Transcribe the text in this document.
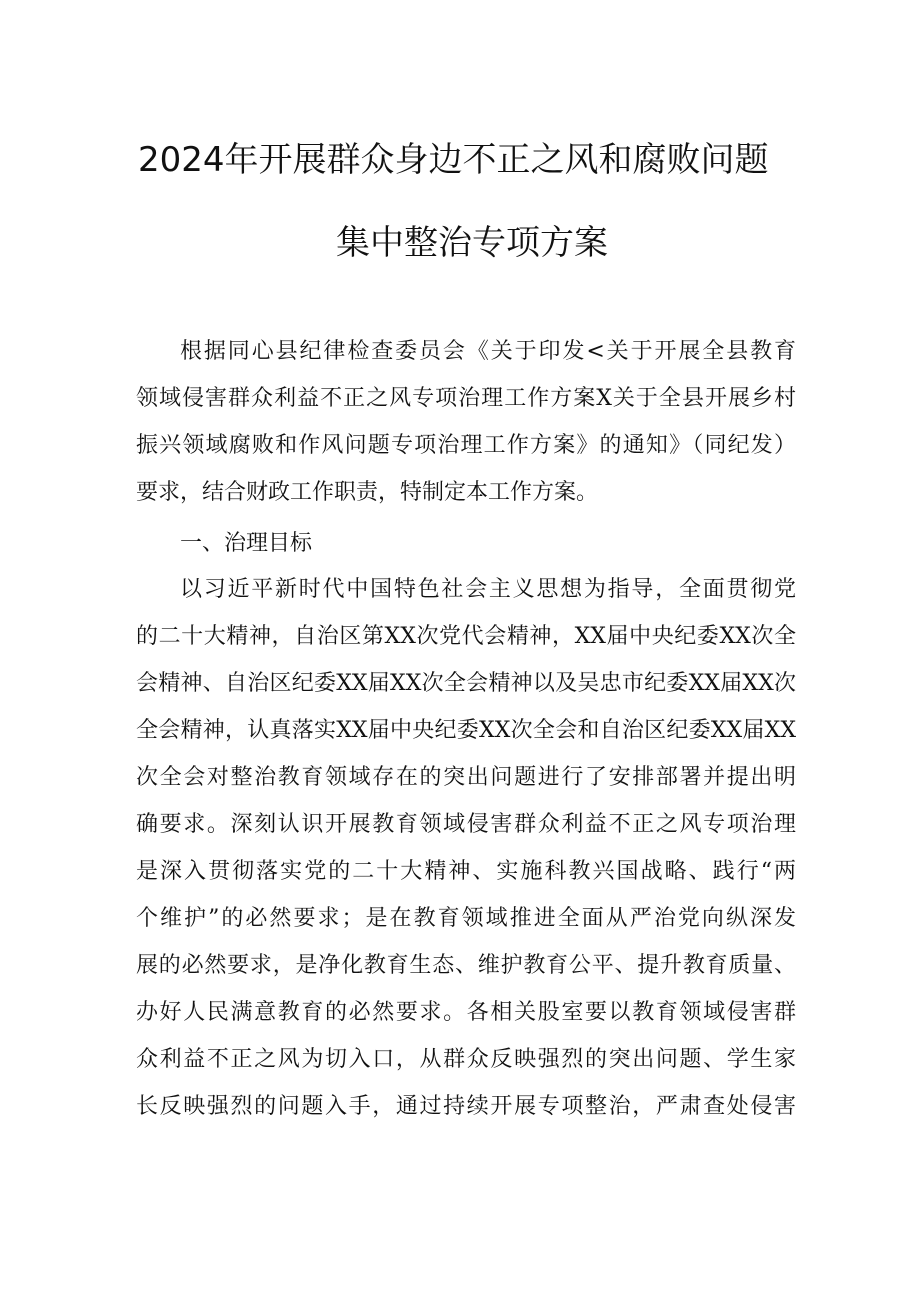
2024年开展群众身边不正之风和腐败问题
集中整治专项方案
根据同心县纪律检查委员会《关于印发<关于开展全县教育
领域侵害群众利益不正之风专项治理工作方案X关于全县开展乡村
振兴领域腐败和作风问题专项治理工作方案》的通知》（同纪发）
要求，结合财政工作职责，特制定本工作方案。
一、治理目标
以习近平新时代中国特色社会主义思想为指导，全面贯彻党
的二十大精神，自治区第XX次党代会精神，XX届中央纪委XX次全
会精神、自治区纪委XX届XX次全会精神以及吴忠市纪委XX届XX次
全会精神，认真落实XX届中央纪委XX次全会和自治区纪委XX届XX
次全会对整治教育领域存在的突出问题进行了安排部署并提出明
确要求。深刻认识开展教育领域侵害群众利益不正之风专项治理
是深入贯彻落实党的二十大精神、实施科教兴国战略、践行“两
个维护”的必然要求；是在教育领域推进全面从严治党向纵深发
展的必然要求，是净化教育生态、维护教育公平、提升教育质量、
办好人民满意教育的必然要求。各相关股室要以教育领域侵害群
众利益不正之风为切入口，从群众反映强烈的突出问题、学生家
长反映强烈的问题入手，通过持续开展专项整治，严肃查处侵害
